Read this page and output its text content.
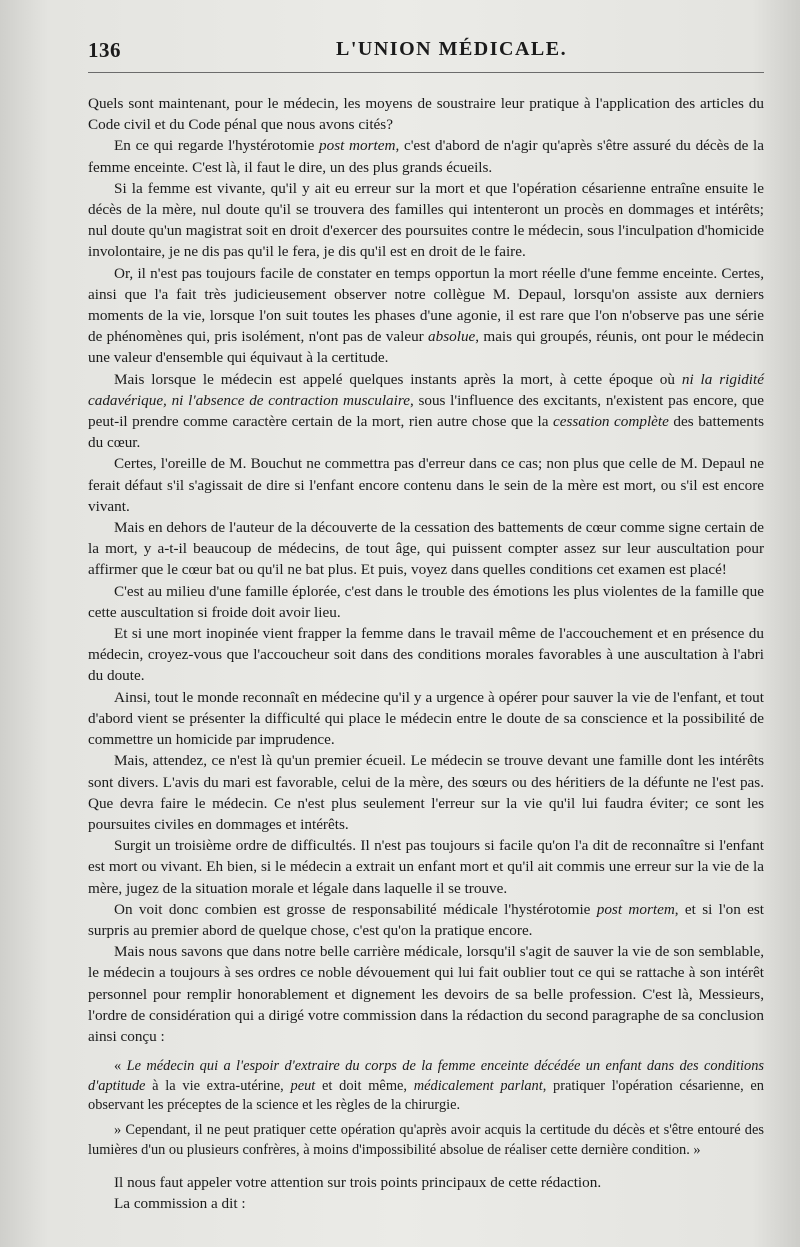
136	L'UNION MÉDICALE.

Quels sont maintenant, pour le médecin, les moyens de soustraire leur pratique à l'application des articles du Code civil et du Code pénal que nous avons cités?

En ce qui regarde l'hystérotomie post mortem, c'est d'abord de n'agir qu'après s'être assuré du décès de la femme enceinte. C'est là, il faut le dire, un des plus grands écueils.

Si la femme est vivante, qu'il y ait eu erreur sur la mort et que l'opération césarienne entraîne ensuite le décès de la mère, nul doute qu'il se trouvera des familles qui intenteront un procès en dommages et intérêts; nul doute qu'un magistrat soit en droit d'exercer des poursuites contre le médecin, sous l'inculpation d'homicide involontaire, je ne dis pas qu'il le fera, je dis qu'il est en droit de le faire.

Or, il n'est pas toujours facile de constater en temps opportun la mort réelle d'une femme enceinte. Certes, ainsi que l'a fait très judicieusement observer notre collègue M. Depaul, lorsqu'on assiste aux derniers moments de la vie, lorsque l'on suit toutes les phases d'une agonie, il est rare que l'on n'observe pas une série de phénomènes qui, pris isolément, n'ont pas de valeur absolue, mais qui groupés, réunis, ont pour le médecin une valeur d'ensemble qui équivaut à la certitude.

Mais lorsque le médecin est appelé quelques instants après la mort, à cette époque où ni la rigidité cadavérique, ni l'absence de contraction musculaire, sous l'influence des excitants, n'existent pas encore, que peut-il prendre comme caractère certain de la mort, rien autre chose que la cessation complète des battements du cœur.

Certes, l'oreille de M. Bouchut ne commettra pas d'erreur dans ce cas; non plus que celle de M. Depaul ne ferait défaut s'il s'agissait de dire si l'enfant encore contenu dans le sein de la mère est mort, ou s'il est encore vivant.

Mais en dehors de l'auteur de la découverte de la cessation des battements de cœur comme signe certain de la mort, y a-t-il beaucoup de médecins, de tout âge, qui puissent compter assez sur leur auscultation pour affirmer que le cœur bat ou qu'il ne bat plus. Et puis, voyez dans quelles conditions cet examen est placé!

C'est au milieu d'une famille éplorée, c'est dans le trouble des émotions les plus violentes de la famille que cette auscultation si froide doit avoir lieu.

Et si une mort inopinée vient frapper la femme dans le travail même de l'accouchement et en présence du médecin, croyez-vous que l'accoucheur soit dans des conditions morales favorables à une auscultation à l'abri du doute.

Ainsi, tout le monde reconnaît en médecine qu'il y a urgence à opérer pour sauver la vie de l'enfant, et tout d'abord vient se présenter la difficulté qui place le médecin entre le doute de sa conscience et la possibilité de commettre un homicide par imprudence.

Mais, attendez, ce n'est là qu'un premier écueil. Le médecin se trouve devant une famille dont les intérêts sont divers. L'avis du mari est favorable, celui de la mère, des sœurs ou des héritiers de la défunte ne l'est pas. Que devra faire le médecin. Ce n'est plus seulement l'erreur sur la vie qu'il lui faudra éviter; ce sont les poursuites civiles en dommages et intérêts.

Surgit un troisième ordre de difficultés. Il n'est pas toujours si facile qu'on l'a dit de reconnaître si l'enfant est mort ou vivant. Eh bien, si le médecin a extrait un enfant mort et qu'il ait commis une erreur sur la vie de la mère, jugez de la situation morale et légale dans laquelle il se trouve.

On voit donc combien est grosse de responsabilité médicale l'hystérotomie post mortem, et si l'on est surpris au premier abord de quelque chose, c'est qu'on la pratique encore.

Mais nous savons que dans notre belle carrière médicale, lorsqu'il s'agit de sauver la vie de son semblable, le médecin a toujours à ses ordres ce noble dévouement qui lui fait oublier tout ce qui se rattache à son intérêt personnel pour remplir honorablement et dignement les devoirs de sa belle profession. C'est là, Messieurs, l'ordre de considération qui a dirigé votre commission dans la rédaction du second paragraphe de sa conclusion ainsi conçu :

« Le médecin qui a l'espoir d'extraire du corps de la femme enceinte décédée un enfant dans des conditions d'aptitude à la vie extra-utérine, peut et doit même, médicalement parlant, pratiquer l'opération césarienne, en observant les préceptes de la science et les règles de la chirurgie.

» Cependant, il ne peut pratiquer cette opération qu'après avoir acquis la certitude du décès et s'être entouré des lumières d'un ou plusieurs confrères, à moins d'impossibilité absolue de réaliser cette dernière condition. »

Il nous faut appeler votre attention sur trois points principaux de cette rédaction.

La commission a dit :
